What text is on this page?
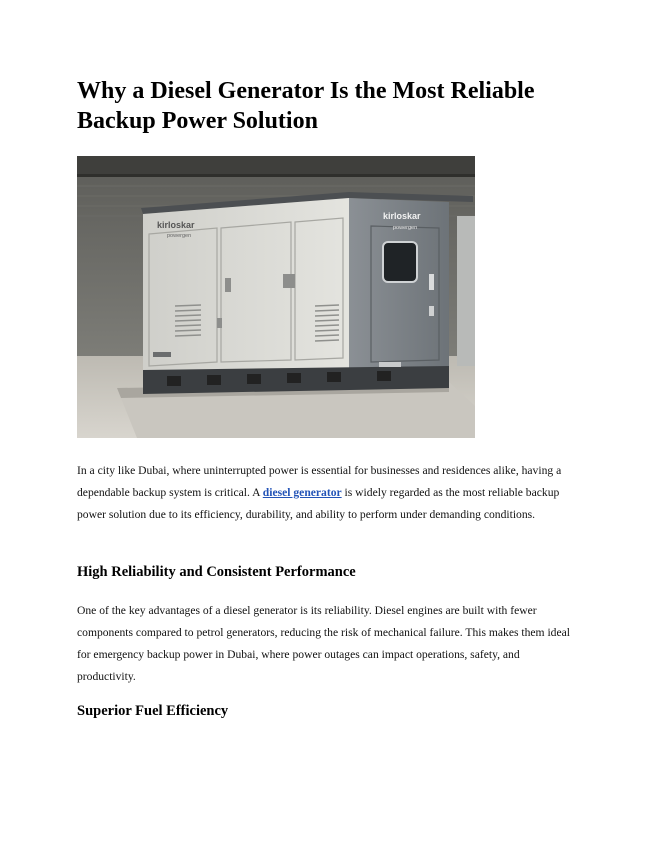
Why a Diesel Generator Is the Most Reliable Backup Power Solution
kirloskar
powergen
kirloskar
powergen

In a city like Dubai, where uninterrupted power is essential for businesses and residences alike, having a dependable backup system is critical. A diesel generator is widely regarded as the most reliable backup power solution due to its efficiency, durability, and ability to perform under demanding conditions.

High Reliability and Consistent Performance

One of the key advantages of a diesel generator is its reliability. Diesel engines are built with fewer components compared to petrol generators, reducing the risk of mechanical failure. This makes them ideal for emergency backup power in Dubai, where power outages can impact operations, safety, and productivity.

Superior Fuel Efficiency
